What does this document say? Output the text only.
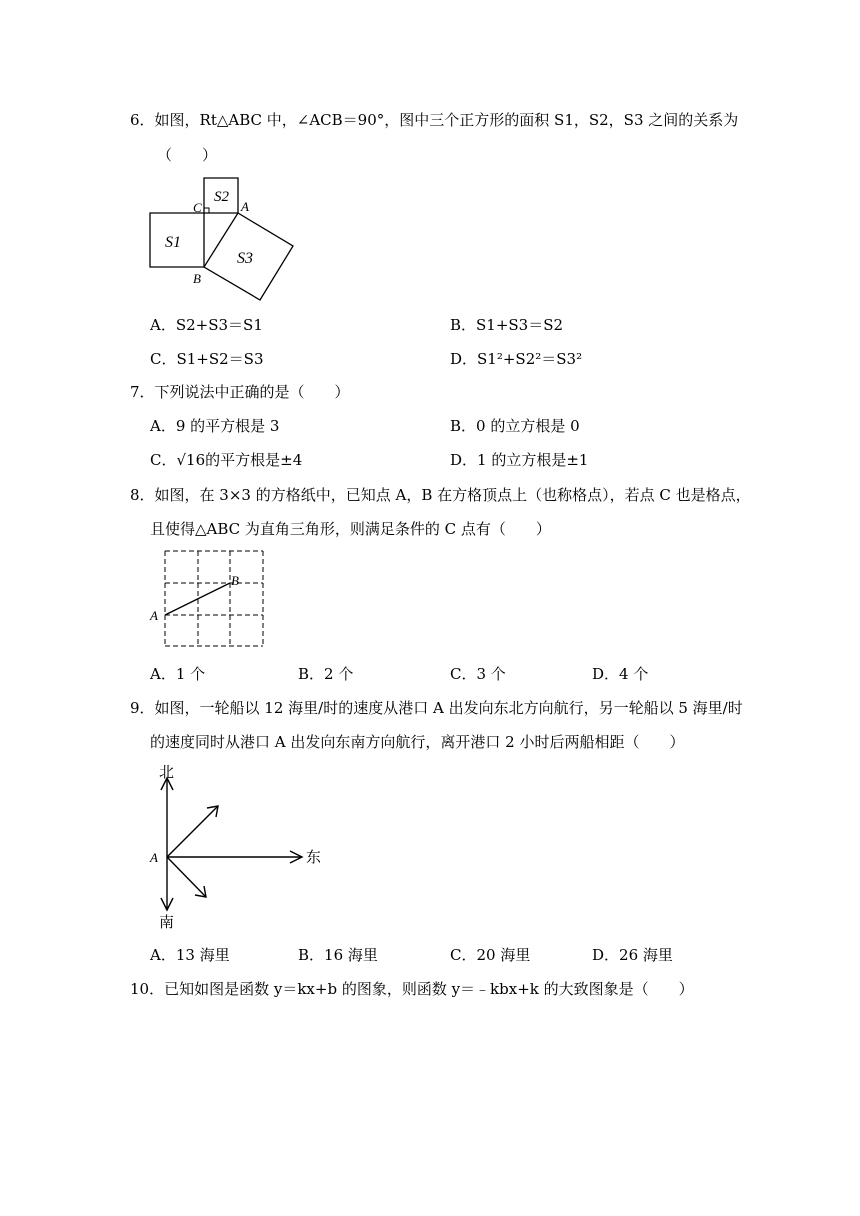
6．如图，Rt△ABC 中，∠ACB＝90°，图中三个正方形的面积 S1，S2，S3 之间的关系为
（　　）
S1
S2
S3
C	A
B
A．S2+S3＝S1	B．S1+S3＝S2
C．S1+S2＝S3	D．S1²+S2²＝S3²
7．下列说法中正确的是（　　）
A．9 的平方根是 3	B．0 的立方根是 0
C．√16的平方根是±4	D．1 的立方根是±1
8．如图，在 3×3 的方格纸中，已知点 A，B 在方格顶点上（也称格点），若点 C 也是格点，
且使得△ABC 为直角三角形，则满足条件的 C 点有（　　）
A
B
A．1 个	B．2 个	C．3 个	D．4 个
9．如图，一轮船以 12 海里/时的速度从港口 A 出发向东北方向航行，另一轮船以 5 海里/时
的速度同时从港口 A 出发向东南方向航行，离开港口 2 小时后两船相距（　　）
北
南
东
A
A．13 海里	B．16 海里	C．20 海里	D．26 海里
10．已知如图是函数 y＝kx+b 的图象，则函数 y＝﹣kbx+k 的大致图象是（　　）
